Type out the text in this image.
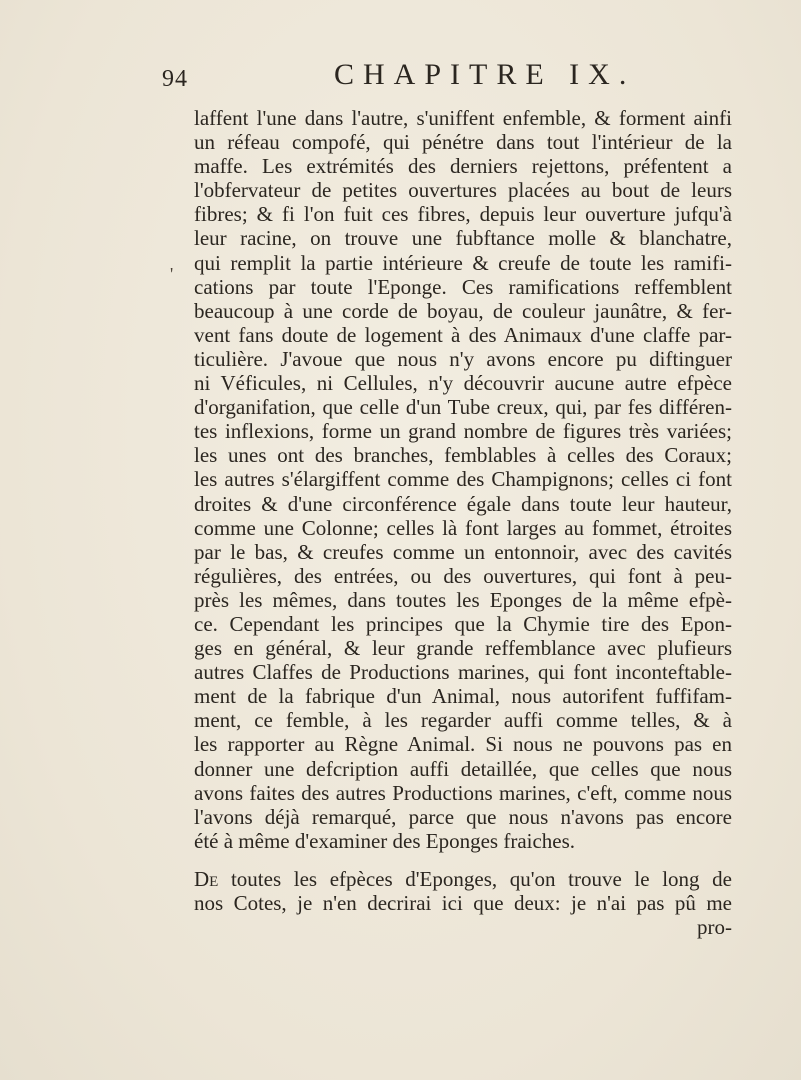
94	CHAPITRE IX.
'
laffent l'une dans l'autre, s'uniffent enfemble, & forment ainfi
un réfeau compofé, qui pénétre dans tout l'intérieur de la
maffe. Les extrémités des derniers rejettons, préfentent a
l'obfervateur de petites ouvertures placées au bout de leurs
fibres; & fi l'on fuit ces fibres, depuis leur ouverture jufqu'à
leur racine, on trouve une fubftance molle & blanchatre,
qui remplit la partie intérieure & creufe de toute les ramifi-
cations par toute l'Eponge. Ces ramifications reffemblent
beaucoup à une corde de boyau, de couleur jaunâtre, & fer-
vent fans doute de logement à des Animaux d'une claffe par-
ticulière. J'avoue que nous n'y avons encore pu diftinguer
ni Véficules, ni Cellules, n'y découvrir aucune autre efpèce
d'organifation, que celle d'un Tube creux, qui, par fes différen-
tes inflexions, forme un grand nombre de figures très variées;
les unes ont des branches, femblables à celles des Coraux;
les autres s'élargiffent comme des Champignons; celles ci font
droites & d'une circonférence égale dans toute leur hauteur,
comme une Colonne; celles là font larges au fommet, étroites
par le bas, & creufes comme un entonnoir, avec des cavités
régulières, des entrées, ou des ouvertures, qui font à peu-
près les mêmes, dans toutes les Eponges de la même efpè-
ce. Cependant les principes que la Chymie tire des Epon-
ges en général, & leur grande reffemblance avec plufieurs
autres Claffes de Productions marines, qui font inconteftable-
ment de la fabrique d'un Animal, nous autorifent fuffifam-
ment, ce femble, à les regarder auffi comme telles, & à
les rapporter au Règne Animal. Si nous ne pouvons pas en
donner une defcription auffi detaillée, que celles que nous
avons faites des autres Productions marines, c'eft, comme nous
l'avons déjà remarqué, parce que nous n'avons pas encore
été à même d'examiner des Eponges fraiches.
De toutes les efpèces d'Eponges, qu'on trouve le long de
nos Cotes, je n'en decrirai ici que deux: je n'ai pas pû me
pro-
